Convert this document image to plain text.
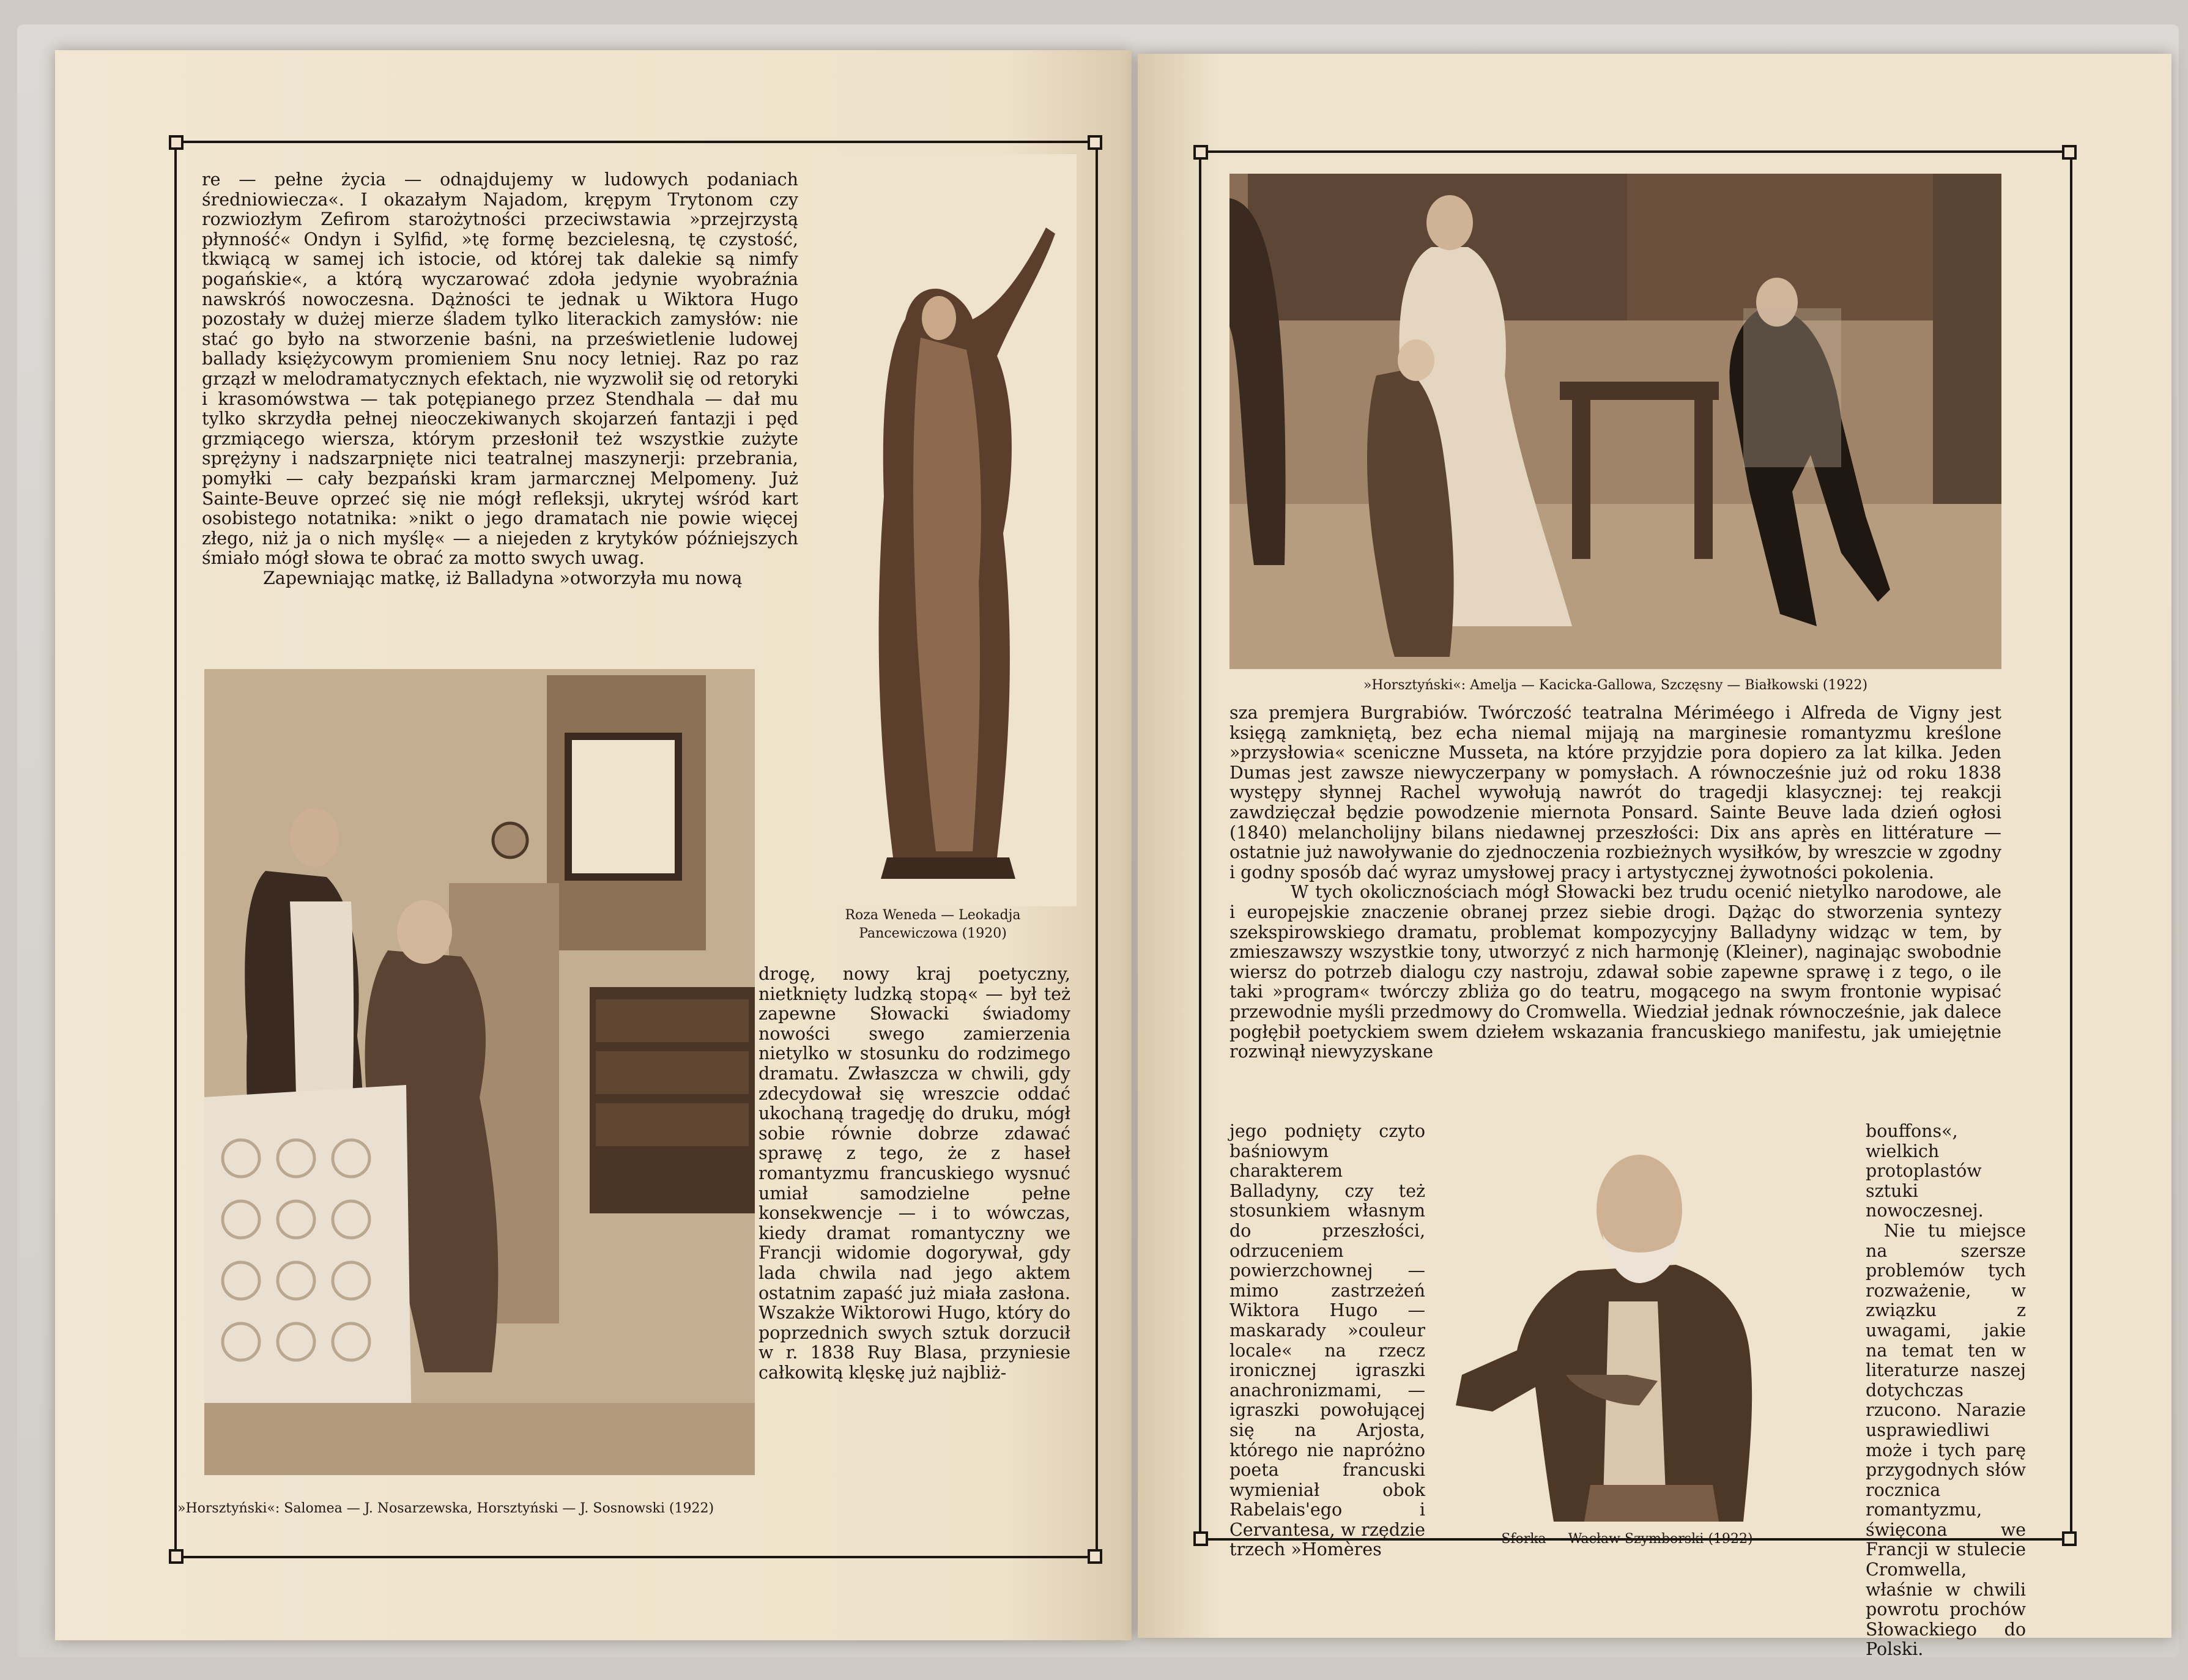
re — pełne życia — odnajdujemy w ludowych podaniach średniowiecza«. I okazałym Najadom, krępym Trytonom czy rozwiozłym Zefirom starożytności przeciwstawia »przejrzystą płynność« Ondyn i Sylfid, »tę formę bezcielesną, tę czystość, tkwiącą w samej ich istocie, od której tak dalekie są nimfy pogańskie«, a którą wyczarować zdoła jedynie wyobraźnia nawskróś nowoczesna. Dążności te jednak u Wiktora Hugo pozostały w dużej mierze śladem tylko literackich zamysłów: nie stać go było na stworzenie baśni, na prześwietlenie ludowej ballady księżycowym promieniem Snu nocy letniej. Raz po raz grzązł w melodramatycznych efektach, nie wyzwolił się od retoryki i krasomówstwa — tak potępianego przez Stendhala — dał mu tylko skrzydła pełnej nieoczekiwanych skojarzeń fantazji i pęd grzmiącego wiersza, którym przesłonił też wszystkie zużyte sprężyny i nadszarpnięte nici teatralnej maszynerji: przebrania, pomyłki — cały bezpański kram jarmarcznej Melpomeny. Już Sainte-Beuve oprzeć się nie mógł refleksji, ukrytej wśród kart osobistego notatnika: »nikt o jego dramatach nie powie więcej złego, niż ja o nich myślę« — a niejeden z krytyków późniejszych śmiało mógł słowa te obrać za motto swych uwag.

Zapewniając matkę, iż Balladyna »otworzyła mu nową

Roza Weneda — Leokadja
Pancewiczowa (1920)

drogę, nowy kraj poetyczny, nietknięty ludzką stopą« — był też zapewne Słowacki świadomy nowości swego zamierzenia nietylko w stosunku do rodzimego dramatu. Zwłaszcza w chwili, gdy zdecydował się wreszcie oddać ukochaną tragedję do druku, mógł sobie równie dobrze zdawać sprawę z tego, że z haseł romantyzmu francuskiego wysnuć umiał samodzielne pełne konsekwencje — i to wówczas, kiedy dramat romantyczny we Francji widomie dogorywał, gdy lada chwila nad jego aktem ostatnim zapaść już miała zasłona. Wszakże Wiktorowi Hugo, który do poprzednich swych sztuk dorzucił w r. 1838 Ruy Blasa, przyniesie całkowitą klęskę już najbliż-

»Horsztyński«: Salomea — J. Nosarzewska, Horsztyński — J. Sosnowski (1922)
»Horsztyński«: Amelja — Kacicka-Gallowa, Szczęsny — Białkowski (1922)

sza premjera Burgrabiów. Twórczość teatralna Mériméego i Alfreda de Vigny jest księgą zamkniętą, bez echa niemal mijają na marginesie romantyzmu kreślone »przysłowia« sceniczne Musseta, na które przyjdzie pora dopiero za lat kilka. Jeden Dumas jest zawsze niewyczerpany w pomysłach. A równocześnie już od roku 1838 występy słynnej Rachel wywołują nawrót do tragedji klasycznej: tej reakcji zawdzięczał będzie powodzenie miernota Ponsard. Sainte Beuve lada dzień ogłosi (1840) melancholijny bilans niedawnej przeszłości: Dix ans après en littérature — ostatnie już nawoływanie do zjednoczenia rozbieżnych wysiłków, by wreszcie w zgodny i godny sposób dać wyraz umysłowej pracy i artystycznej żywotności pokolenia.

W tych okolicznościach mógł Słowacki bez trudu ocenić nietylko narodowe, ale i europejskie znaczenie obranej przez siebie drogi. Dążąc do stworzenia syntezy szekspirowskiego dramatu, problemat kompozycyjny Balladyny widząc w tem, by zmieszawszy wszystkie tony, utworzyć z nich harmonję (Kleiner), naginając swobodnie wiersz do potrzeb dialogu czy nastroju, zdawał sobie zapewne sprawę i z tego, o ile taki »program« twórczy zbliża go do teatru, mogącego na swym frontonie wypisać przewodnie myśli przedmowy do Cromwella. Wiedział jednak równocześnie, jak dalece pogłębił poetyckiem swem dziełem wskazania francuskiego manifestu, jak umiejętnie rozwinął niewyzyskane

jego podnięty czyto baśniowym charakterem Balladyny, czy też stosunkiem własnym do przeszłości, odrzuceniem powierzchownej — mimo zastrzeżeń Wiktora Hugo — maskarady »couleur locale« na rzecz ironicznej igraszki anachronizmami, — igraszki powołującej się na Arjosta, którego nie napróżno poeta francuski wymieniał obok Rabelais'ego i Cervantesa, w rzędzie trzech »Homères

Sforka — Wacław Szymborski (1922)

bouffons«, wielkich protoplastów sztuki nowoczesnej.

Nie tu miejsce na szersze problemów tych rozważenie, w związku z uwagami, jakie na temat ten w literaturze naszej dotychczas rzucono. Narazie usprawiedliwi może i tych parę przygodnych słów rocznica romantyzmu, święcona we Francji w stulecie Cromwella, właśnie w chwili powrotu prochów Słowackiego do Polski.
